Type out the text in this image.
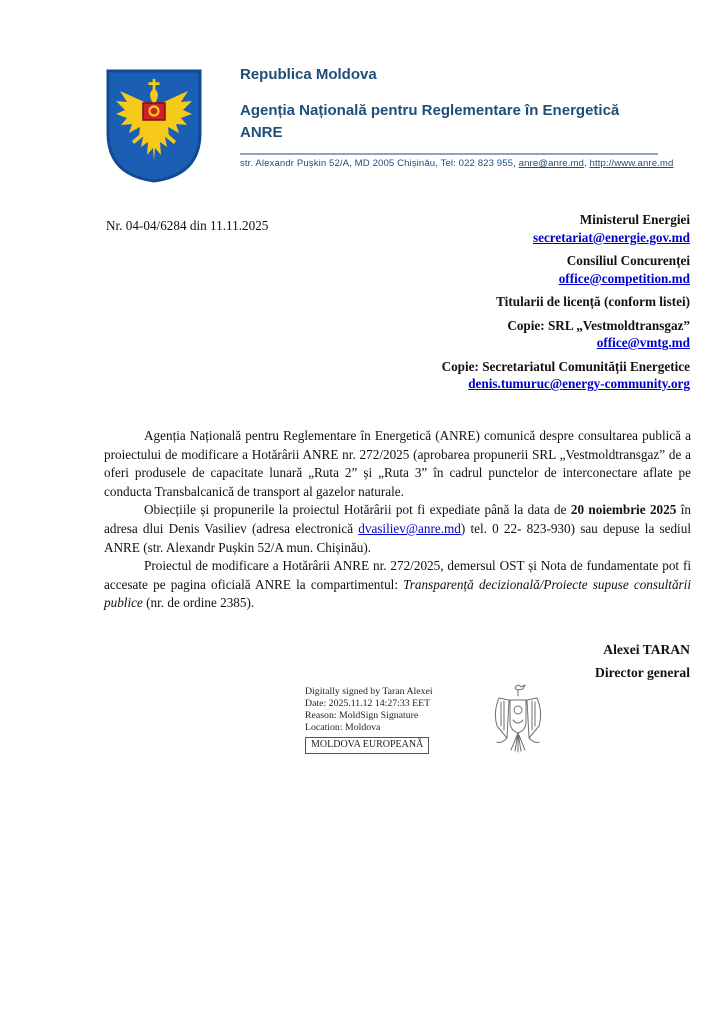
Republica Moldova
Agenția Națională pentru Reglementare în Energetică
ANRE
str. Alexandr Pușkin 52/A, MD 2005 Chișinău, Tel: 022 823 955, anre@anre.md, http://www.anre.md
Nr. 04-04/6284 din 11.11.2025	Ministerul Energiei
secretariat@energie.gov.md
Consiliul Concurenței
office@competition.md
Titularii de licență (conform listei)
Copie: SRL „Vestmoldtransgaz”
office@vmtg.md
Copie: Secretariatul Comunității Energetice
denis.tumuruc@energy-community.org

Agenția Națională pentru Reglementare în Energetică (ANRE) comunică despre consultarea publică a proiectului de modificare a Hotărârii ANRE nr. 272/2025 (aprobarea propunerii SRL „Vestmoldtransgaz” de a oferi produsele de capacitate lunară „Ruta 2” și „Ruta 3” în cadrul punctelor de interconectare aflate pe conducta Transbalcanică de transport al gazelor naturale.

Obiecțiile și propunerile la proiectul Hotărârii pot fi expediate până la data de 20 noiembrie 2025 în adresa dlui Denis Vasiliev (adresa electronică dvasiliev@anre.md) tel. 0 22- 823-930) sau depuse la sediul ANRE (str. Alexandr Pușkin 52/A mun. Chișinău).

Proiectul de modificare a Hotărârii ANRE nr. 272/2025, demersul OST și Nota de fundamentate pot fi accesate pe pagina oficială ANRE la compartimentul: Transparență decizională/Proiecte supuse consultării publice (nr. de ordine 2385).

Alexei TARAN
Director general
Digitally signed by Taran Alexei
Date: 2025.11.12 14:27:33 EET
Reason: MoldSign Signature
Location: Moldova
MOLDOVA EUROPEANĂ
